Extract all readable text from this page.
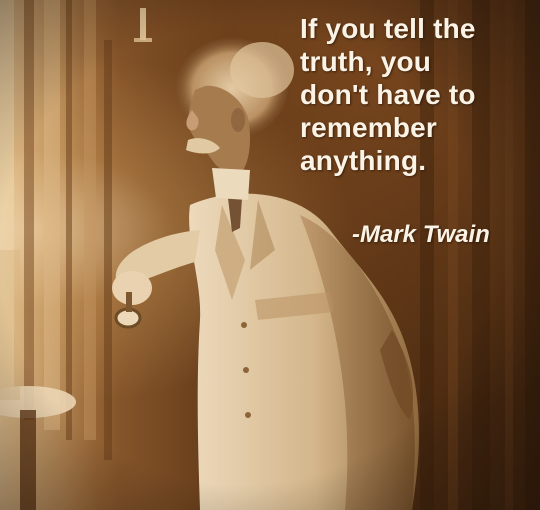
If you tell the
truth, you
don't have to
remember
anything.

-Mark Twain
